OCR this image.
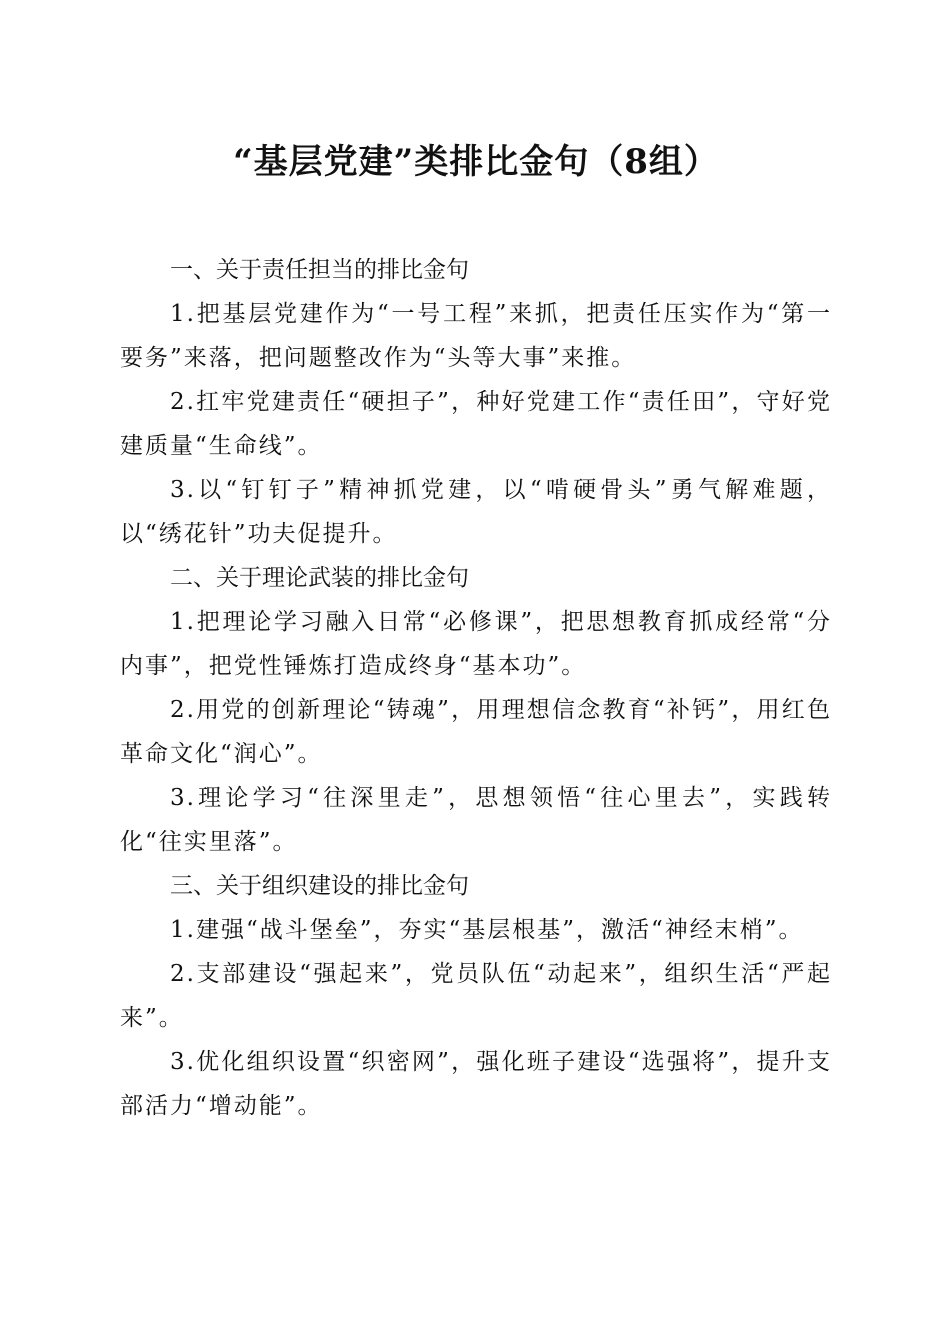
“基层党建”类排比金句（8组）

一、关于责任担当的排比金句

1.把基层党建作为“一号工程”来抓，把责任压实作为“第一要务”来落，把问题整改作为“头等大事”来推。

2.扛牢党建责任“硬担子”，种好党建工作“责任田”，守好党建质量“生命线”。

3.以“钉钉子”精神抓党建，以“啃硬骨头”勇气解难题，以“绣花针”功夫促提升。

二、关于理论武装的排比金句

1.把理论学习融入日常“必修课”，把思想教育抓成经常“分内事”，把党性锤炼打造成终身“基本功”。

2.用党的创新理论“铸魂”，用理想信念教育“补钙”，用红色革命文化“润心”。

3.理论学习“往深里走”，思想领悟“往心里去”，实践转化“往实里落”。

三、关于组织建设的排比金句

1.建强“战斗堡垒”，夯实“基层根基”，激活“神经末梢”。

2.支部建设“强起来”，党员队伍“动起来”，组织生活“严起来”。

3.优化组织设置“织密网”，强化班子建设“选强将”，提升支部活力“增动能”。
